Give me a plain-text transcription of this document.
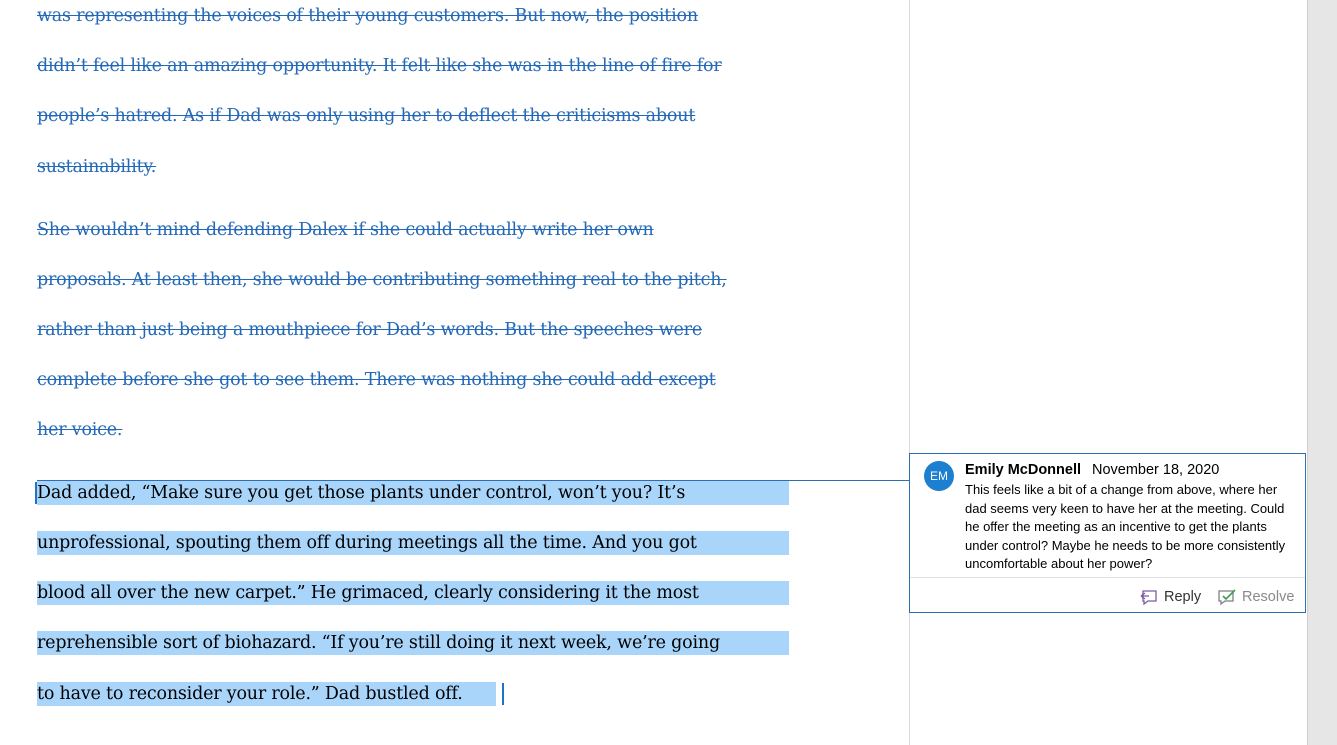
was representing the voices of their young customers. But now, the position
didn’t feel like an amazing opportunity. It felt like she was in the line of fire for
people’s hatred. As if Dad was only using her to deflect the criticisms about
sustainability.
She wouldn’t mind defending Dalex if she could actually write her own
proposals. At least then, she would be contributing something real to the pitch,
rather than just being a mouthpiece for Dad’s words. But the speeches were
complete before she got to see them. There was nothing she could add except
her voice.
Dad added, “Make sure you get those plants under control, won’t you? It’s
unprofessional, spouting them off during meetings all the time. And you got
blood all over the new carpet.” He grimaced, clearly considering it the most
reprehensible sort of biohazard. “If you’re still doing it next week, we’re going
to have to reconsider your role.” Dad bustled off.
EM	Emily McDonnell November 18, 2020
This feels like a bit of a change from above, where her dad seems very keen to have her at the meeting. Could he offer the meeting as an incentive to get the plants under control? Maybe he needs to be more consistently uncomfortable about her power?
Reply	Resolve
